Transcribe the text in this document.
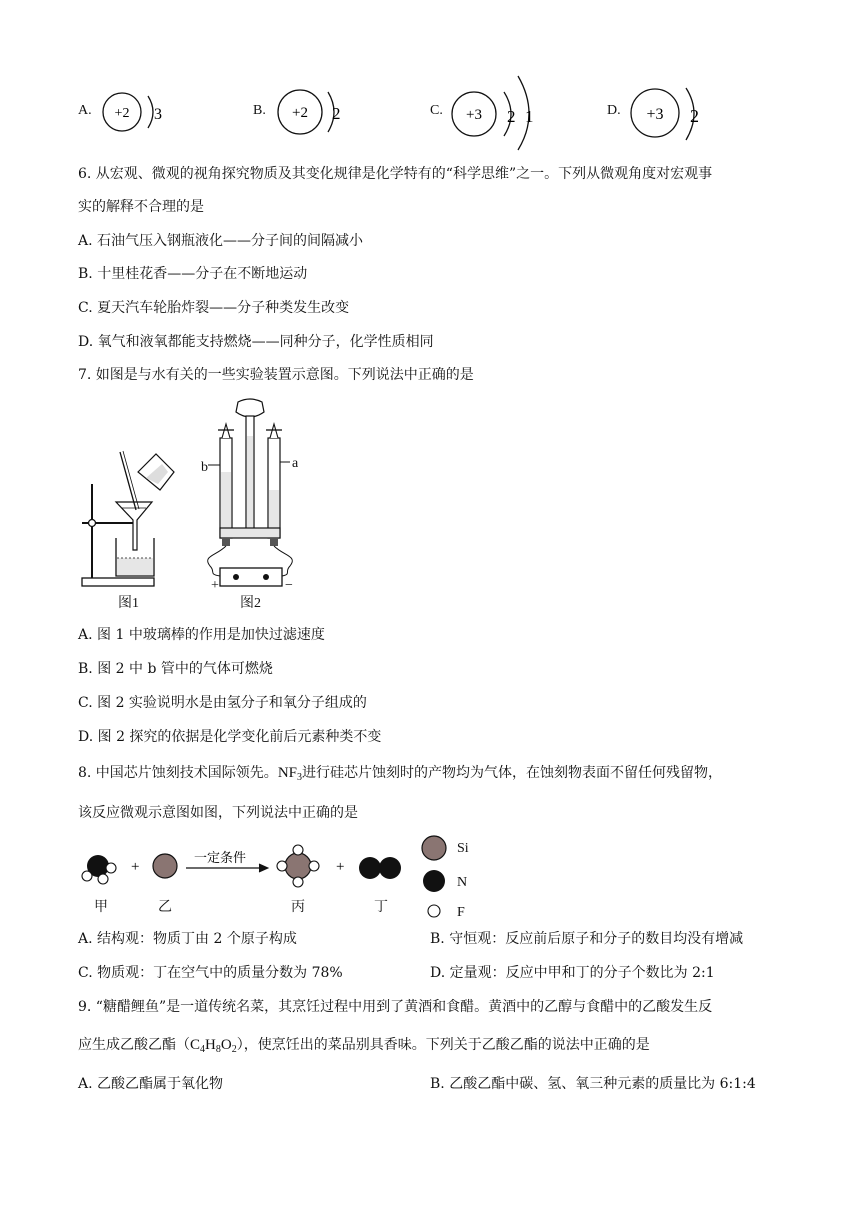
A. +2 3	B. +2 2	C. +3 2 1	D. +3 2
6. 从宏观、微观的视角探究物质及其变化规律是化学特有的“科学思维”之一。下列从微观角度对宏观事
实的解释不合理的是
A. 石油气压入钢瓶液化——分子间的间隔减小
B. 十里桂花香——分子在不断地运动
C. 夏天汽车轮胎炸裂——分子种类发生改变
D. 氧气和液氧都能支持燃烧——同种分子，化学性质相同
7. 如图是与水有关的一些实验装置示意图。下列说法中正确的是
图1
b	a
+	−
图2
A. 图 1 中玻璃棒的作用是加快过滤速度
B. 图 2 中 b 管中的气体可燃烧
C. 图 2 实验说明水是由氢分子和氧分子组成的
D. 图 2 探究的依据是化学变化前后元素种类不变
8. 中国芯片蚀刻技术国际领先。$NF_3$进行硅芯片蚀刻时的产物均为气体，在蚀刻物表面不留任何残留物，
该反应微观示意图如图，下列说法中正确的是
+
一定条件
+
甲	乙	丙	丁
Si
N
F
A. 结构观：物质丁由 2 个原子构成	B. 守恒观：反应前后原子和分子的数目均没有增减
C. 物质观：丁在空气中的质量分数为 78%	D. 定量观：反应中甲和丁的分子个数比为 2:1
9. “糖醋鲤鱼”是一道传统名菜，其烹饪过程中用到了黄酒和食醋。黄酒中的乙醇与食醋中的乙酸发生反
应生成乙酸乙酯$(C_4H_8O_2)$，使烹饪出的菜品别具香味。下列关于乙酸乙酯的说法中正确的是
A. 乙酸乙酯属于氧化物	B. 乙酸乙酯中碳、氢、氧三种元素的质量比为 6:1:4
